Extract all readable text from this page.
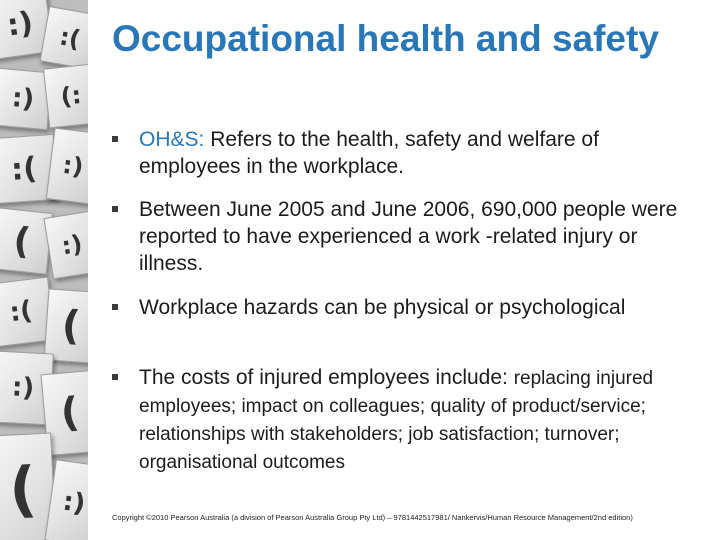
:) :(
:) (:
:( :)
( :)
:( (
:)
(
( :)
Occupational health and safety
OH&S: Refers to the health, safety and welfare of employees in the workplace.
Between June 2005 and June 2006, 690,000 people were reported to have experienced a work -related injury or illness.
Workplace hazards can be physical or psychological
The costs of injured employees include: replacing injured employees; impact on colleagues; quality of product/service; relationships with stakeholders; job satisfaction; turnover; organisational outcomes
Copyright ©2010 Pearson Australia (a division of Pearson Australia Group Pty Ltd) – 9781442517981/ Nankervis/Human Resource Management/2nd edition)
